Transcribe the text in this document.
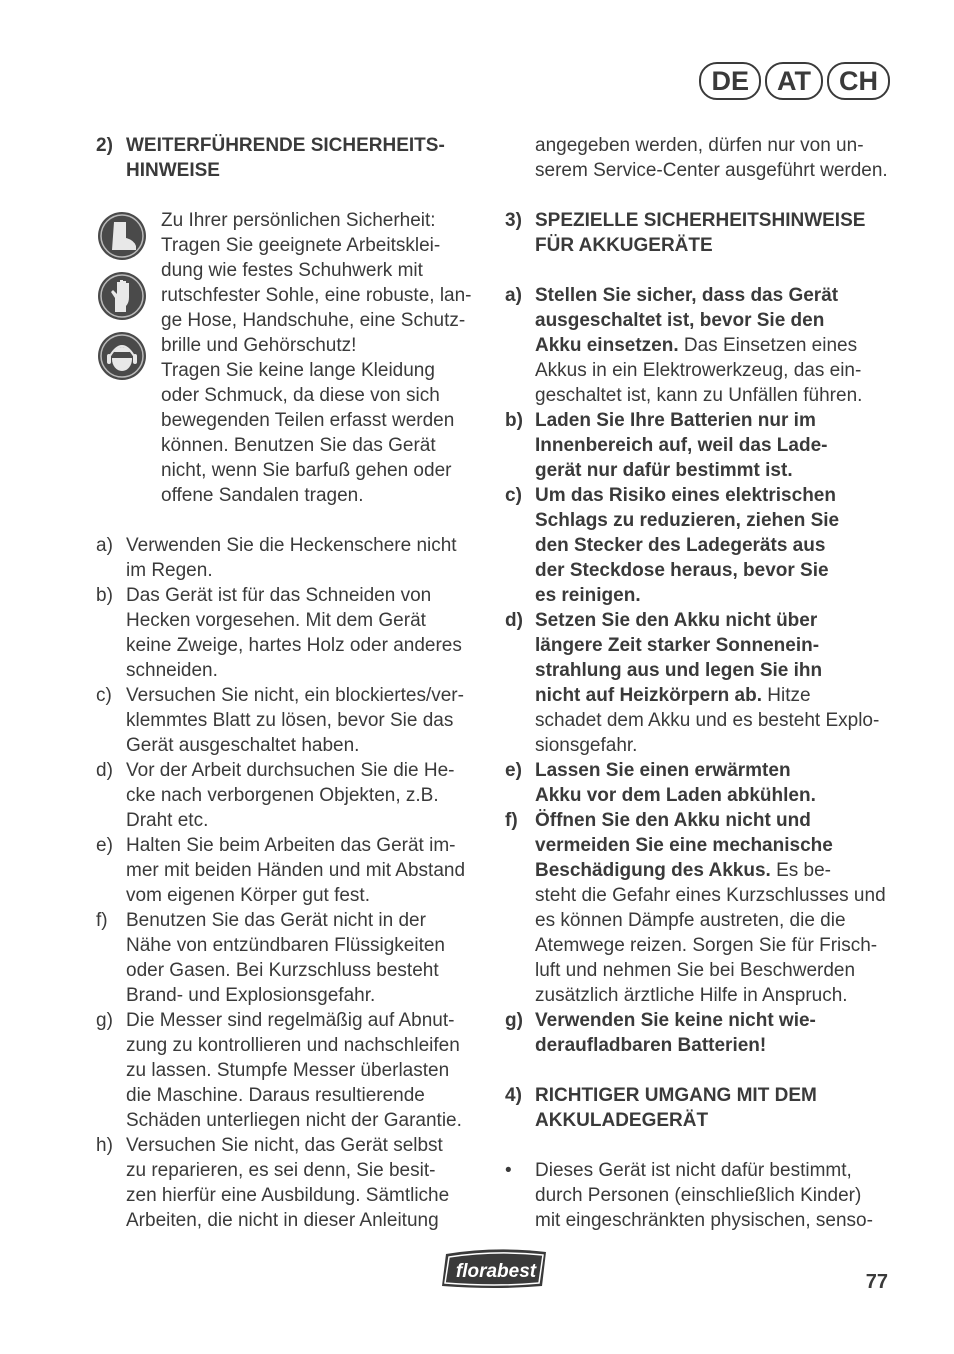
DE	AT	CH
2) WEITERFÜHRENDE SICHERHEITS-HINWEISE
Zu Ihrer persönlichen Sicherheit:
Tragen Sie geeignete Arbeitsklei-
dung wie festes Schuhwerk mit
rutschfester Sohle, eine robuste, lan-
ge Hose, Handschuhe, eine Schutz-
brille und Gehörschutz!
Tragen Sie keine lange Kleidung
oder Schmuck, da diese von sich
bewegenden Teilen erfasst werden
können. Benutzen Sie das Gerät
nicht, wenn Sie barfuß gehen oder
offene Sandalen tragen.
a) Verwenden Sie die Heckenschere nicht
im Regen.
b) Das Gerät ist für das Schneiden von
Hecken vorgesehen. Mit dem Gerät
keine Zweige, hartes Holz oder anderes
schneiden.
c) Versuchen Sie nicht, ein blockiertes/ver-
klemmtes Blatt zu lösen, bevor Sie das
Gerät ausgeschaltet haben.
d) Vor der Arbeit durchsuchen Sie die He-
cke nach verborgenen Objekten, z.B.
Draht etc.
e) Halten Sie beim Arbeiten das Gerät im-
mer mit beiden Händen und mit Abstand
vom eigenen Körper gut fest.
f) Benutzen Sie das Gerät nicht in der
Nähe von entzündbaren Flüssigkeiten
oder Gasen. Bei Kurzschluss besteht
Brand- und Explosionsgefahr.
g) Die Messer sind regelmäßig auf Abnut-
zung zu kontrollieren und nachschleifen
zu lassen. Stumpfe Messer überlasten
die Maschine. Daraus resultierende
Schäden unterliegen nicht der Garantie.
h) Versuchen Sie nicht, das Gerät selbst
zu reparieren, es sei denn, Sie besit-
zen hierfür eine Ausbildung. Sämtliche
Arbeiten, die nicht in dieser Anleitung
angegeben werden, dürfen nur von un-
serem Service-Center ausgeführt werden.
3) SPEZIELLE SICHERHEITSHINWEISE
FÜR AKKUGERÄTE
a) Stellen Sie sicher, dass das Gerät
ausgeschaltet ist, bevor Sie den
Akku einsetzen. Das Einsetzen eines
Akkus in ein Elektrowerkzeug, das ein-
geschaltet ist, kann zu Unfällen führen.
b) Laden Sie Ihre Batterien nur im
Innenbereich auf, weil das Lade-
gerät nur dafür bestimmt ist.
c) Um das Risiko eines elektrischen
Schlags zu reduzieren, ziehen Sie
den Stecker des Ladegeräts aus
der Steckdose heraus, bevor Sie
es reinigen.
d) Setzen Sie den Akku nicht über
längere Zeit starker Sonnenein-
strahlung aus und legen Sie ihn
nicht auf Heizkörpern ab. Hitze
schadet dem Akku und es besteht Explo-
sionsgefahr.
e) Lassen Sie einen erwärmten
Akku vor dem Laden abkühlen.
f) Öffnen Sie den Akku nicht und
vermeiden Sie eine mechanische
Beschädigung des Akkus. Es be-
steht die Gefahr eines Kurzschlusses und
es können Dämpfe austreten, die die
Atemwege reizen. Sorgen Sie für Frisch-
luft und nehmen Sie bei Beschwerden
zusätzlich ärztliche Hilfe in Anspruch.
g) Verwenden Sie keine nicht wie-
deraufladbaren Batterien!
4) RICHTIGER UMGANG MIT DEM
AKKULADEGERÄT
•	Dieses Gerät ist nicht dafür bestimmt,
durch Personen (einschließlich Kinder)
mit eingeschränkten physischen, senso-
florabest	77
